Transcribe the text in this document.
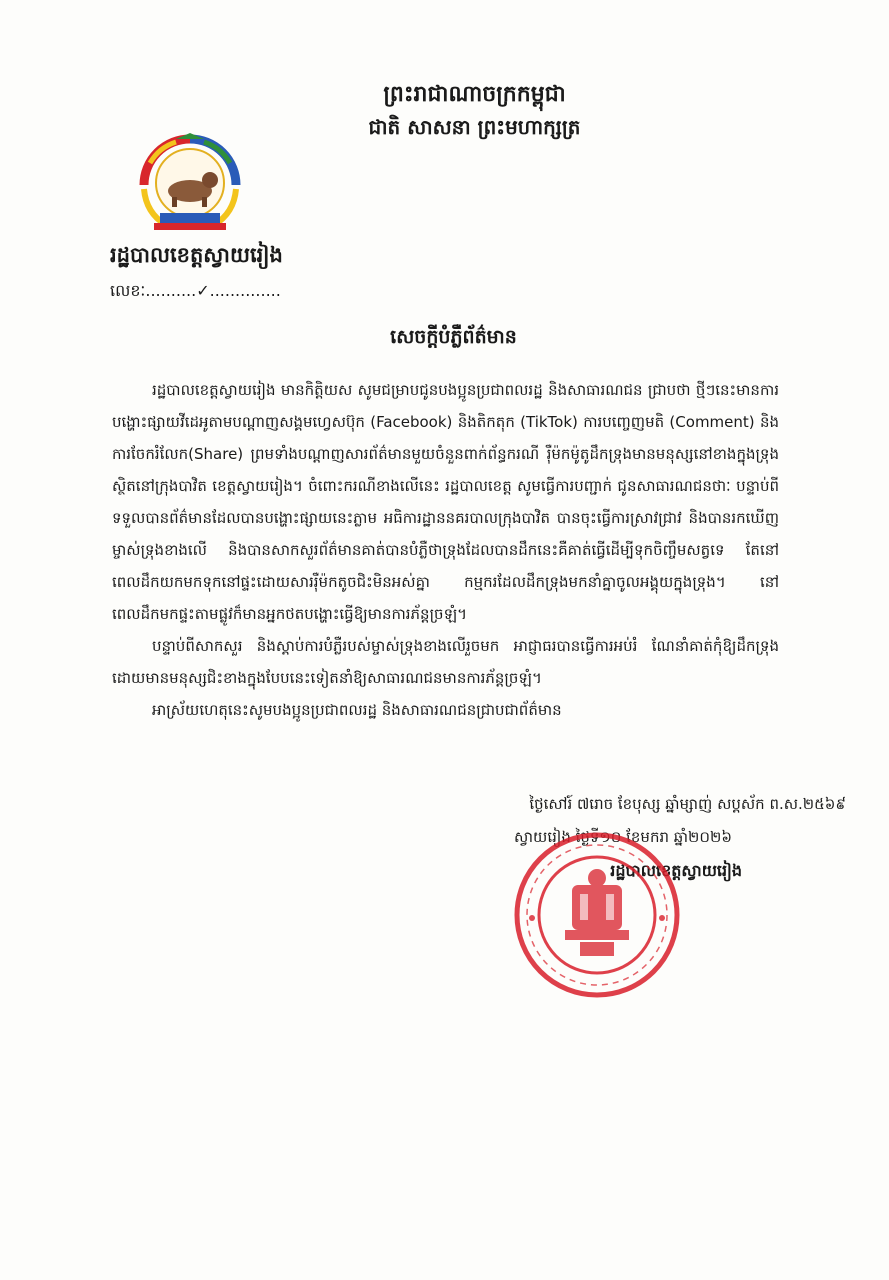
ព្រះរាជាណាចក្រកម្ពុជា
ជាតិ សាសនា ព្រះមហាក្សត្រ
រដ្ឋបាលខេត្តស្វាយរៀង
លេខៈ..........✓..............
សេចក្តីបំភ្លឺព័ត៌មាន

រដ្ឋបាលខេត្តស្វាយរៀង មានកិត្តិយស សូមជម្រាបជូនបងប្អូនប្រជាពលរដ្ឋ និងសាធារណជន ជ្រាបថា ថ្មីៗនេះមានការបង្ហោះផ្សាយវីដេអូតាមបណ្តាញសង្គមហ្វេសប៊ុក (Facebook) និងតិកតុក (TikTok) ការបញ្ចេញមតិ (Comment) និងការចែករំលែក(Share) ព្រមទាំងបណ្តាញសារព័ត៌មានមួយចំនួនពាក់ព័ន្ធករណី រ៉ឺម៉កម៉ូតូដឹកទ្រុងមានមនុស្សនៅខាងក្នុងទ្រុង ស្ថិតនៅក្រុងបាវិត ខេត្តស្វាយរៀង។ ចំពោះករណីខាងលើនេះ រដ្ឋបាលខេត្ត សូមធ្វើការបញ្ជាក់ ជូនសាធារណជនថាៈ បន្ទាប់ពីទទួលបានព័ត៌មានដែលបានបង្ហោះផ្សាយនេះភ្លាម អធិការដ្ឋាននគរបាលក្រុងបាវិត បានចុះធ្វើការស្រាវជ្រាវ និងបានរកឃើញម្ចាស់ទ្រុងខាងលើ និងបានសាកសួរព័ត៌មានគាត់បានបំភ្លឺថាទ្រុងដែលបានដឹកនេះគឺគាត់ធ្វើដើម្បីទុកចិញ្ចឹមសត្វទេ តែនៅពេលដឹកយកមកទុកនៅផ្ទះដោយសាររ៉ឺម៉កតូចជិះមិនអស់គ្នា កម្មករដែលដឹកទ្រុងមកនាំគ្នាចូលអង្គុយក្នុងទ្រុង។ នៅពេលដឹកមកផ្ទះតាមផ្លូវក៏មានអ្នកថតបង្ហោះធ្វើឱ្យមានការភ័ន្តច្រឡំ។

បន្ទាប់ពីសាកសួរ និងស្តាប់ការបំភ្លឺរបស់ម្ចាស់ទ្រុងខាងលើរួចមក អាជ្ញាធរបានធ្វើការអប់រំ ណែនាំគាត់កុំឱ្យដឹកទ្រុងដោយមានមនុស្សជិះខាងក្នុងបែបនេះទៀតនាំឱ្យសាធារណជនមានការភ័ន្តច្រឡំ។

អាស្រ័យហេតុនេះសូមបងប្អូនប្រជាពលរដ្ឋ និងសាធារណជនជ្រាបជាព័ត៌មាន

ថ្ងៃសៅរ៍ ៧រោច ខែបុស្ស ឆ្នាំម្សាញ់ សប្តស័ក ព.ស.២៥៦៩
ស្វាយរៀង ថ្ងៃទី១០ ខែមករា ឆ្នាំ២០២៦
រដ្ឋបាលខេត្តស្វាយរៀង
